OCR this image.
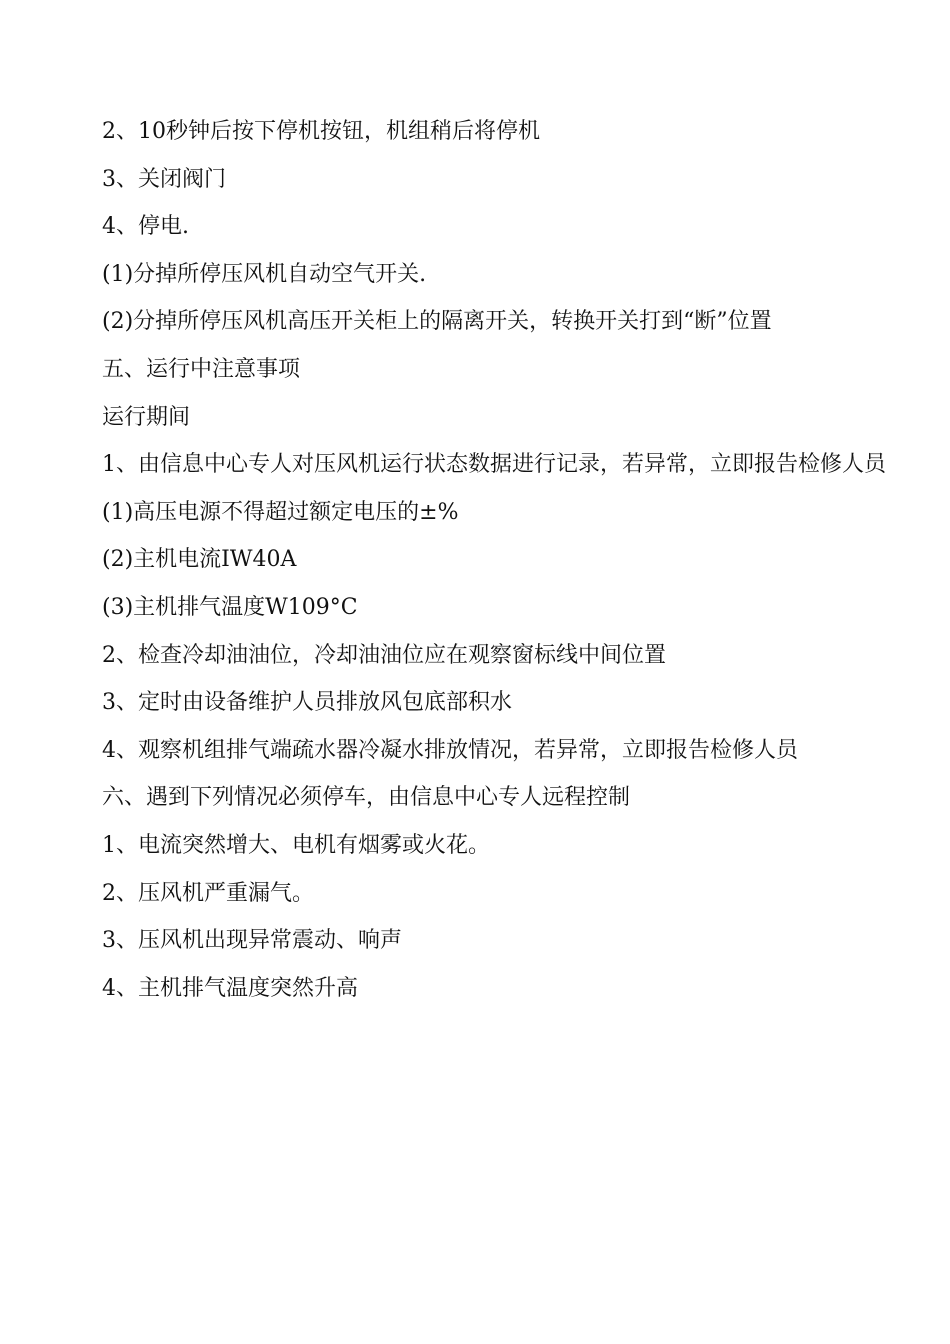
2、10秒钟后按下停机按钮，机组稍后将停机

3、关闭阀门

4、停电.

(1)分掉所停压风机自动空气开关.

(2)分掉所停压风机高压开关柜上的隔离开关，转换开关打到“断”位置

五、运行中注意事项

运行期间

1、由信息中心专人对压风机运行状态数据进行记录，若异常，立即报告检修人员

(1)高压电源不得超过额定电压的±%

(2)主机电流IW40A

(3)主机排气温度W109°C

2、检查冷却油油位，冷却油油位应在观察窗标线中间位置

3、定时由设备维护人员排放风包底部积水

4、观察机组排气端疏水器冷凝水排放情况，若异常，立即报告检修人员

六、遇到下列情况必须停车，由信息中心专人远程控制

1、电流突然增大、电机有烟雾或火花。

2、压风机严重漏气。

3、压风机出现异常震动、响声

4、主机排气温度突然升高
